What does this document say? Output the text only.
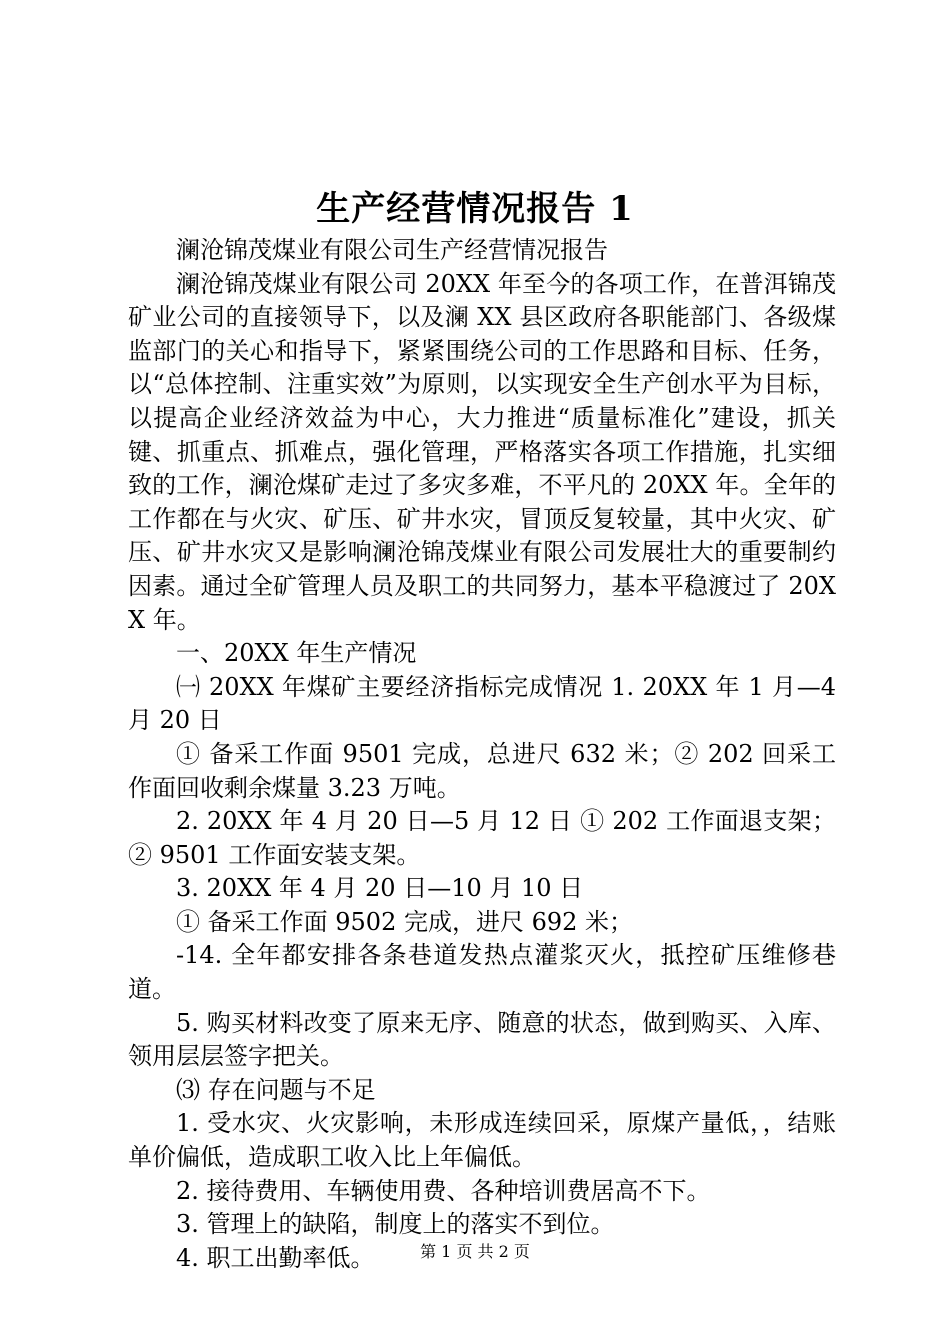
生产经营情况报告 1

澜沧锦茂煤业有限公司生产经营情况报告

澜沧锦茂煤业有限公司 20XX 年至今的各项工作，在普洱锦茂矿业公司的直接领导下，以及澜 XX 县区政府各职能部门、各级煤监部门的关心和指导下，紧紧围绕公司的工作思路和目标、任务，以“总体控制、注重实效”为原则，以实现安全生产创水平为目标，以提高企业经济效益为中心，大力推进“质量标准化”建设，抓关键、抓重点、抓难点，强化管理，严格落实各项工作措施，扎实细致的工作，澜沧煤矿走过了多灾多难，不平凡的 20XX 年。全年的工作都在与火灾、矿压、矿井水灾，冒顶反复较量，其中火灾、矿压、矿井水灾又是影响澜沧锦茂煤业有限公司发展壮大的重要制约因素。通过全矿管理人员及职工的共同努力，基本平稳渡过了 20XX 年。

一、20XX 年生产情况

㈠ 20XX 年煤矿主要经济指标完成情况 1. 20XX 年 1 月—4 月 20 日

① 备采工作面 9501 完成，总进尺 632 米；② 202 回采工作面回收剩余煤量 3.23 万吨。

2. 20XX 年 4 月 20 日—5 月 12 日 ① 202 工作面退支架；② 9501 工作面安装支架。

3. 20XX 年 4 月 20 日—10 月 10 日

① 备采工作面 9502 完成，进尺 692 米；

-14. 全年都安排各条巷道发热点灌浆灭火，抵控矿压维修巷道。

5. 购买材料改变了原来无序、随意的状态，做到购买、入库、领用层层签字把关。

⑶ 存在问题与不足

1. 受水灾、火灾影响，未形成连续回采，原煤产量低，，结账单价偏低，造成职工收入比上年偏低。

2. 接待费用、车辆使用费、各种培训费居高不下。

3. 管理上的缺陷，制度上的落实不到位。

4. 职工出勤率低。	第 1 页 共 2 页
